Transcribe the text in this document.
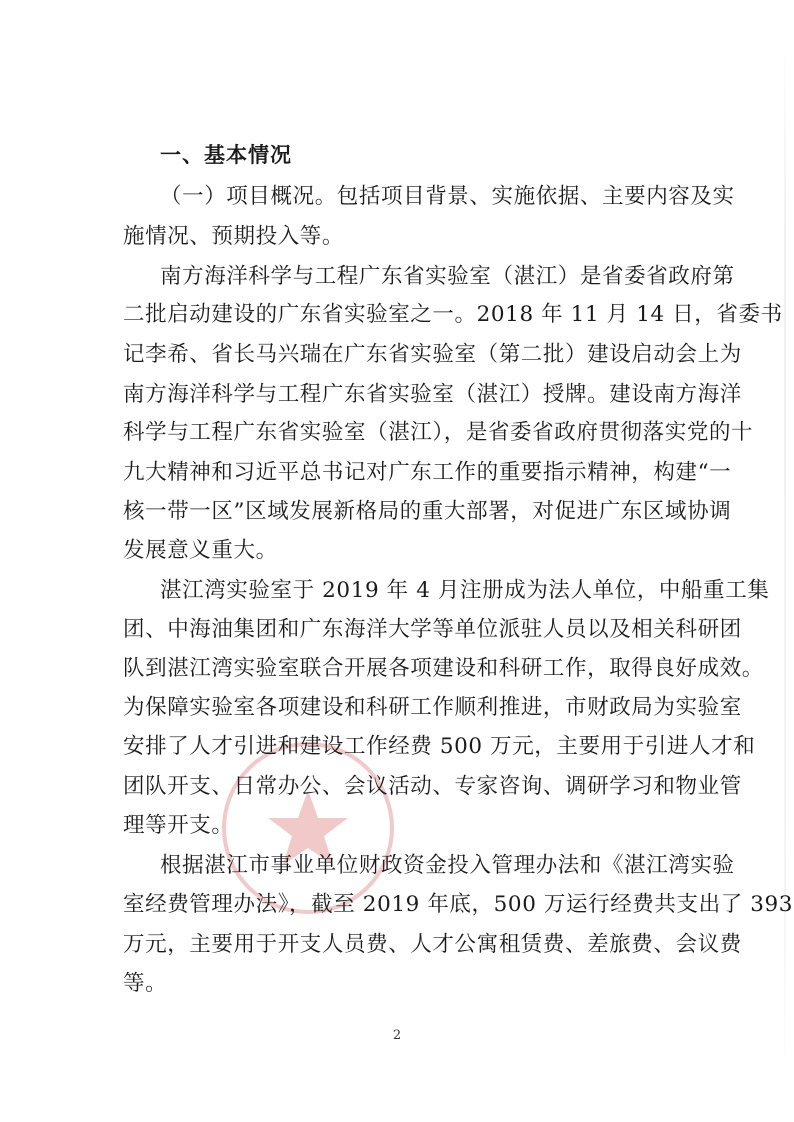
一、基本情况
（一）项目概况。包括项目背景、实施依据、主要内容及实
施情况、预期投入等。
南方海洋科学与工程广东省实验室（湛江）是省委省政府第
二批启动建设的广东省实验室之一。2018 年 11 月 14 日，省委书
记李希、省长马兴瑞在广东省实验室（第二批）建设启动会上为
南方海洋科学与工程广东省实验室（湛江）授牌。建设南方海洋
科学与工程广东省实验室（湛江），是省委省政府贯彻落实党的十
九大精神和习近平总书记对广东工作的重要指示精神，构建“一
核一带一区”区域发展新格局的重大部署，对促进广东区域协调
发展意义重大。
湛江湾实验室于 2019 年 4 月注册成为法人单位，中船重工集
团、中海油集团和广东海洋大学等单位派驻人员以及相关科研团
队到湛江湾实验室联合开展各项建设和科研工作，取得良好成效。
为保障实验室各项建设和科研工作顺利推进，市财政局为实验室
安排了人才引进和建设工作经费 500 万元，主要用于引进人才和
团队开支、日常办公、会议活动、专家咨询、调研学习和物业管
理等开支。
根据湛江市事业单位财政资金投入管理办法和《湛江湾实验
室经费管理办法》，截至 2019 年底，500 万运行经费共支出了 393
万元，主要用于开支人员费、人才公寓租赁费、差旅费、会议费
等。
2
